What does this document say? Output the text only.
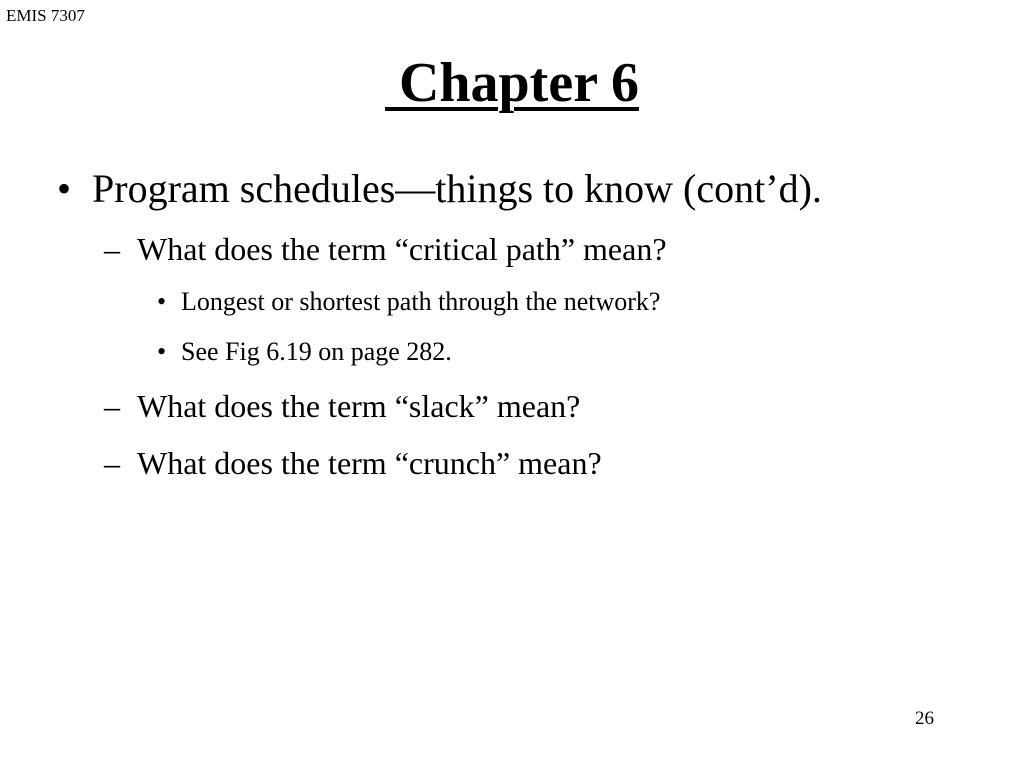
EMIS 7307
Chapter 6
• Program schedules—things to know (cont’d).
– What does the term “critical path” mean?
• Longest or shortest path through the network?
• See Fig 6.19 on page 282.
– What does the term “slack” mean?
– What does the term “crunch” mean?
26
